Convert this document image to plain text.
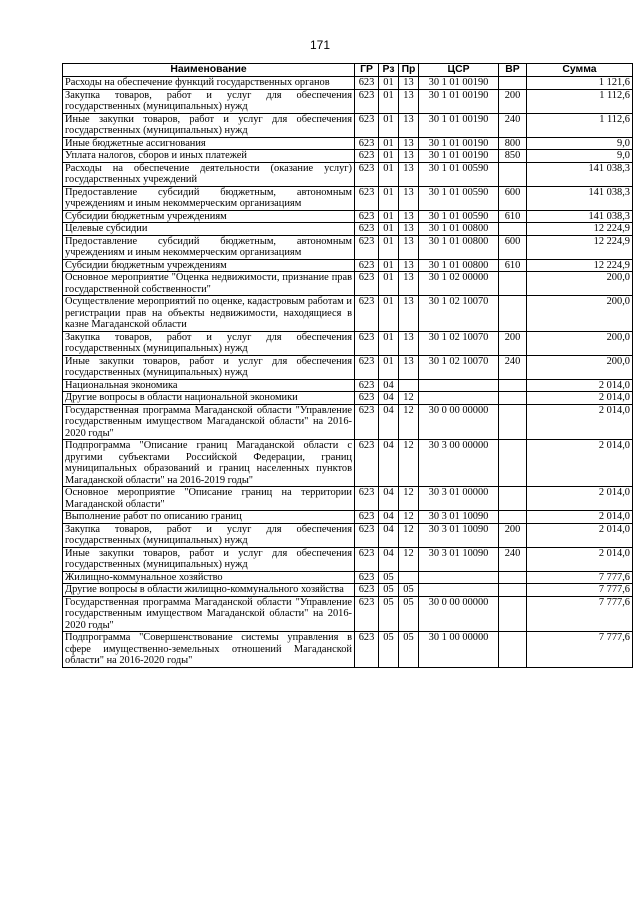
171
Наименование	ГР	Рз	Пр	ЦСР	ВР	Сумма
Расходы на обеспечение функций государственных органов	623	01	13	30 1 01 00190		1 121,6
Закупка товаров, работ и услуг для обеспечения государственных (муниципальных) нужд	623	01	13	30 1 01 00190	200	1 112,6
Иные закупки товаров, работ и услуг для обеспечения государственных (муниципальных) нужд	623	01	13	30 1 01 00190	240	1 112,6
Иные бюджетные ассигнования	623	01	13	30 1 01 00190	800	9,0
Уплата налогов, сборов и иных платежей	623	01	13	30 1 01 00190	850	9,0
Расходы на обеспечение деятельности (оказание услуг) государственных учреждений	623	01	13	30 1 01 00590		141 038,3
Предоставление субсидий бюджетным, автономным учреждениям и иным некоммерческим организациям	623	01	13	30 1 01 00590	600	141 038,3
Субсидии бюджетным учреждениям	623	01	13	30 1 01 00590	610	141 038,3
Целевые субсидии	623	01	13	30 1 01 00800		12 224,9
Предоставление субсидий бюджетным, автономным учреждениям и иным некоммерческим организациям	623	01	13	30 1 01 00800	600	12 224,9
Субсидии бюджетным учреждениям	623	01	13	30 1 01 00800	610	12 224,9
Основное мероприятие "Оценка недвижимости, признание прав государственной собственности"	623	01	13	30 1 02 00000		200,0
Осуществление мероприятий по оценке, кадастровым работам и регистрации прав на объекты недвижимости, находящиеся в казне Магаданской области	623	01	13	30 1 02 10070		200,0
Закупка товаров, работ и услуг для обеспечения государственных (муниципальных) нужд	623	01	13	30 1 02 10070	200	200,0
Иные закупки товаров, работ и услуг для обеспечения государственных (муниципальных) нужд	623	01	13	30 1 02 10070	240	200,0
Национальная экономика	623	04				2 014,0
Другие вопросы в области национальной экономики	623	04	12			2 014,0
Государственная программа Магаданской области "Управление государственным имуществом Магаданской области" на 2016-2020 годы"	623	04	12	30 0 00 00000		2 014,0
Подпрограмма "Описание границ Магаданской области с другими субъектами Российской Федерации, границ муниципальных образований и границ населенных пунктов Магаданской области" на 2016-2019 годы"	623	04	12	30 3 00 00000		2 014,0
Основное мероприятие "Описание границ на территории Магаданской области"	623	04	12	30 3 01 00000		2 014,0
Выполнение работ по описанию границ	623	04	12	30 3 01 10090		2 014,0
Закупка товаров, работ и услуг для обеспечения государственных (муниципальных) нужд	623	04	12	30 3 01 10090	200	2 014,0
Иные закупки товаров, работ и услуг для обеспечения государственных (муниципальных) нужд	623	04	12	30 3 01 10090	240	2 014,0
Жилищно-коммунальное хозяйство	623	05				7 777,6
Другие вопросы в области жилищно-коммунального хозяйства	623	05	05			7 777,6
Государственная программа Магаданской области "Управление государственным имуществом Магаданской области" на 2016-2020 годы"	623	05	05	30 0 00 00000		7 777,6
Подпрограмма "Совершенствование системы управления в сфере имущественно-земельных отношений Магаданской области" на 2016-2020 годы"	623	05	05	30 1 00 00000		7 777,6
